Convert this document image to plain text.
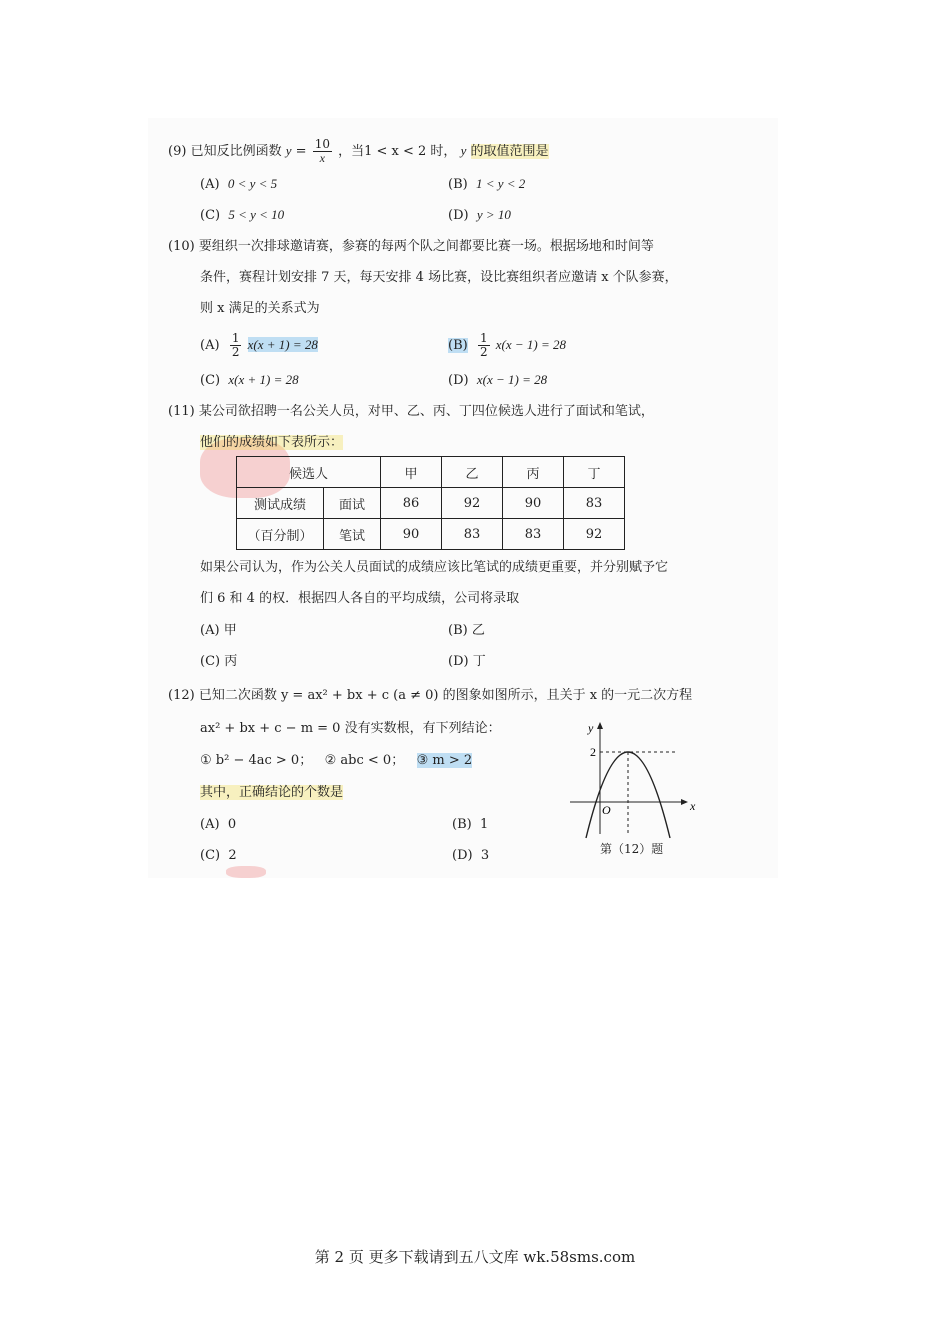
(9) 已知反比例函数 $y = \frac{10}{x}$ ，当1 < x < 2 时， y 的取值范围是
(A) 0 < y < 5	(B) 1 < y < 2
(C) 5 < y < 10	(D) y > 10
(10) 要组织一次排球邀请赛，参赛的每两个队之间都要比赛一场。根据场地和时间等
条件，赛程计划安排 7 天，每天安排 4 场比赛，设比赛组织者应邀请 x 个队参赛，
则 x 满足的关系式为
$(A) \frac{1}{2} x(x + 1) = 28$	$(B) \frac{1}{2} x(x - 1) = 28$
(C) x(x + 1) = 28	(D) x(x − 1) = 28
(11) 某公司欲招聘一名公关人员，对甲、乙、丙、丁四位候选人进行了面试和笔试，
他们的成绩如下表所示：
候选人		甲	乙	丙	丁
测试成绩	面试	86	92	90	83
（百分制）	笔试	90	83	83	92
如果公司认为，作为公关人员面试的成绩应该比笔试的成绩更重要，并分别赋予它
们 6 和 4 的权．根据四人各自的平均成绩，公司将录取
(A) 甲	(B) 乙
(C) 丙	(D) 丁
(12) 已知二次函数 y = ax² + bx + c (a ≠ 0) 的图象如图所示，且关于 x 的一元二次方程
ax² + bx + c − m = 0 没有实数根，有下列结论：
① b² − 4ac > 0； ② abc < 0； ③ m > 2
其中，正确结论的个数是
(A) 0	(B) 1
(C) 2	(D) 3
y
x
O
2
第（12）题
第 2 页 更多下载请到五八文库 wk.58sms.com
